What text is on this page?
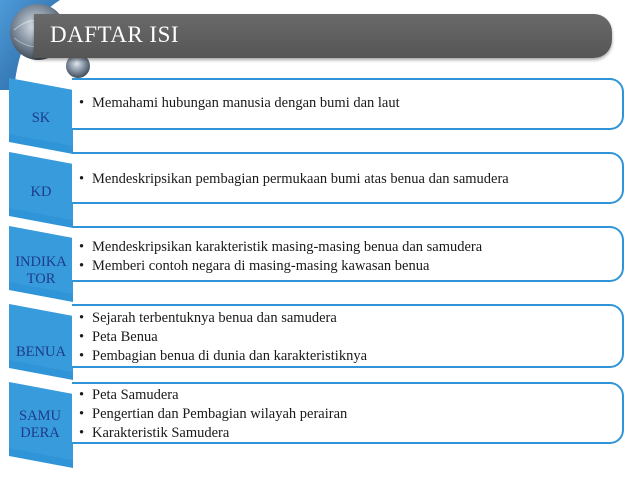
DAFTAR ISI
SK
• Memahami hubungan manusia dengan bumi dan laut
KD
• Mendeskripsikan pembagian permukaan bumi atas benua dan samudera
INDIKA TOR
• Mendeskripsikan karakteristik masing-masing benua dan samudera
• Memberi contoh negara di masing-masing kawasan benua
BENUA
• Sejarah terbentuknya benua dan samudera
• Peta Benua
• Pembagian benua di dunia dan karakteristiknya
SAMU DERA
• Peta Samudera
• Pengertian dan Pembagian wilayah perairan
• Karakteristik Samudera
